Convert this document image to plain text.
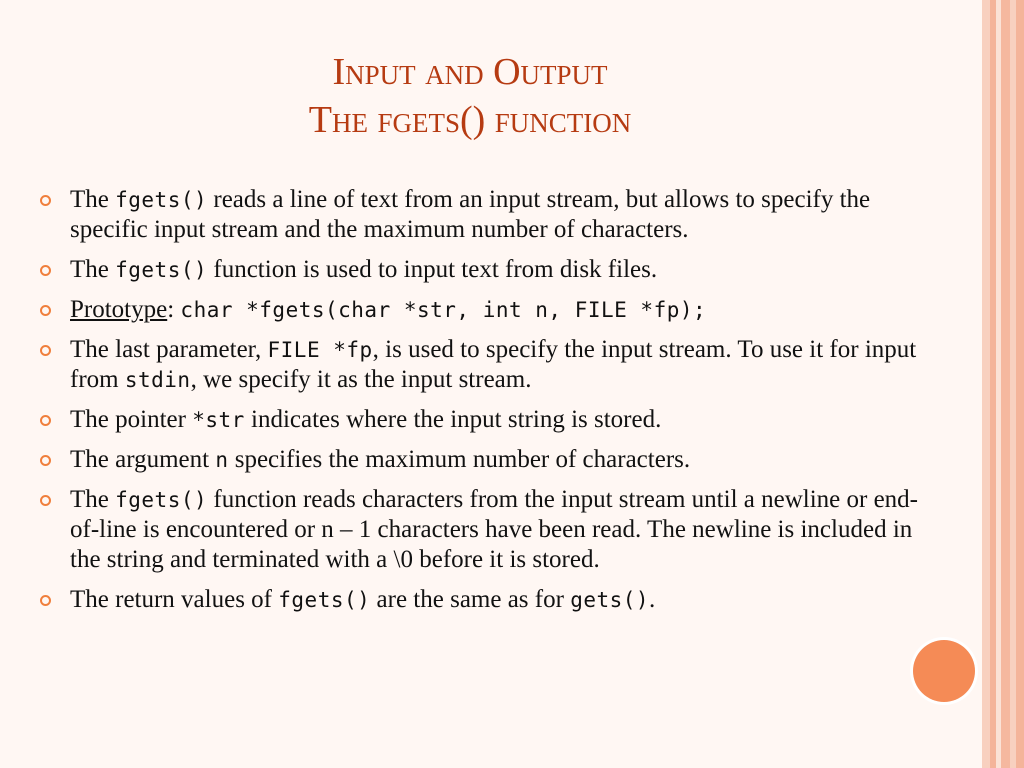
Input and Output
The fgets() function
The fgets() reads a line of text from an input stream, but allows to specify the specific input stream and the maximum number of characters.
The fgets() function is used to input text from disk files.
Prototype: char *fgets(char *str, int n, FILE *fp);
The last parameter, FILE *fp, is used to specify the input stream. To use it for input from stdin, we specify it as the input stream.
The pointer *str indicates where the input string is stored.
The argument n specifies the maximum number of characters.
The fgets() function reads characters from the input stream until a newline or end-of-line is encountered or n – 1 characters have been read. The newline is included in the string and terminated with a \0 before it is stored.
The return values of fgets() are the same as for gets().
